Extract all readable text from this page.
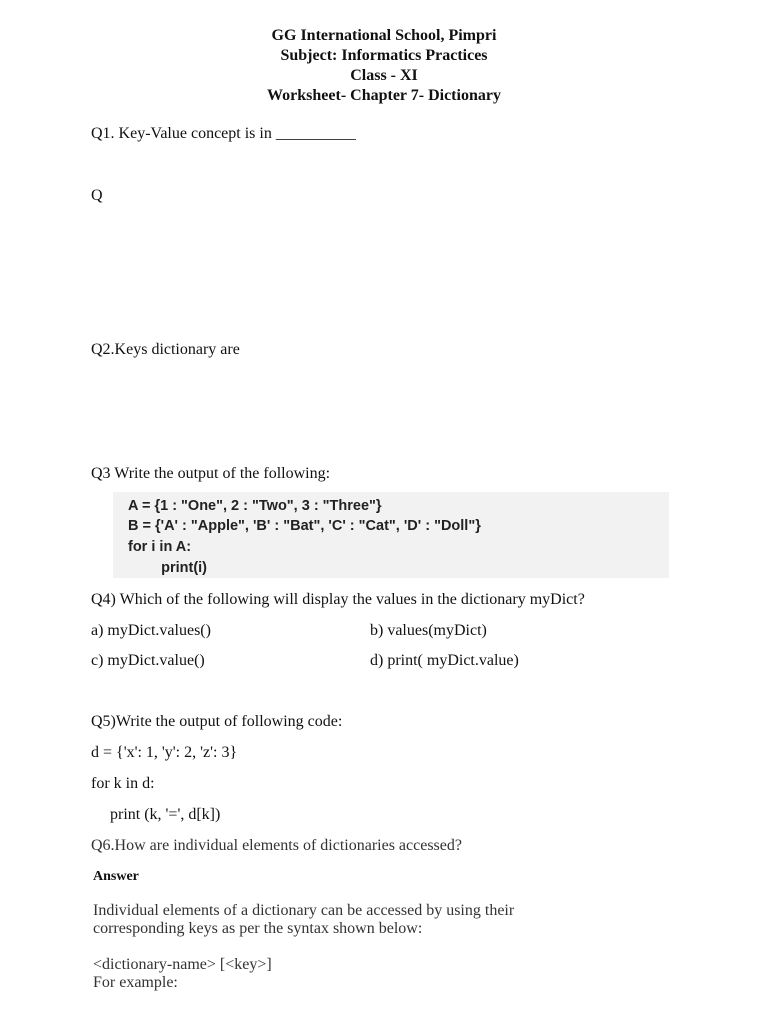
GG International School, Pimpri
Subject: Informatics Practices
Class - XI
Worksheet- Chapter 7- Dictionary
Q1. Key-Value concept is in __________
Q
Q2.Keys dictionary are
Q3 Write the output of the following:
A = {1 : "One", 2 : "Two", 3 : "Three"}
B = {'A' : "Apple", 'B' : "Bat", 'C' : "Cat", 'D' : "Doll"}
for i in A:
print(i)
Q4) Which of the following will display the values in the dictionary myDict?
a) myDict.values()	b) values(myDict)
c) myDict.value()	d) print( myDict.value)
Q5)Write the output of following code:
d = {'x': 1, 'y': 2, 'z': 3}
for k in d:
print (k, '=', d[k])
Q6.How are individual elements of dictionaries accessed?
Answer
Individual elements of a dictionary can be accessed by using their
corresponding keys as per the syntax shown below:
<dictionary-name> [<key>]
For example:
